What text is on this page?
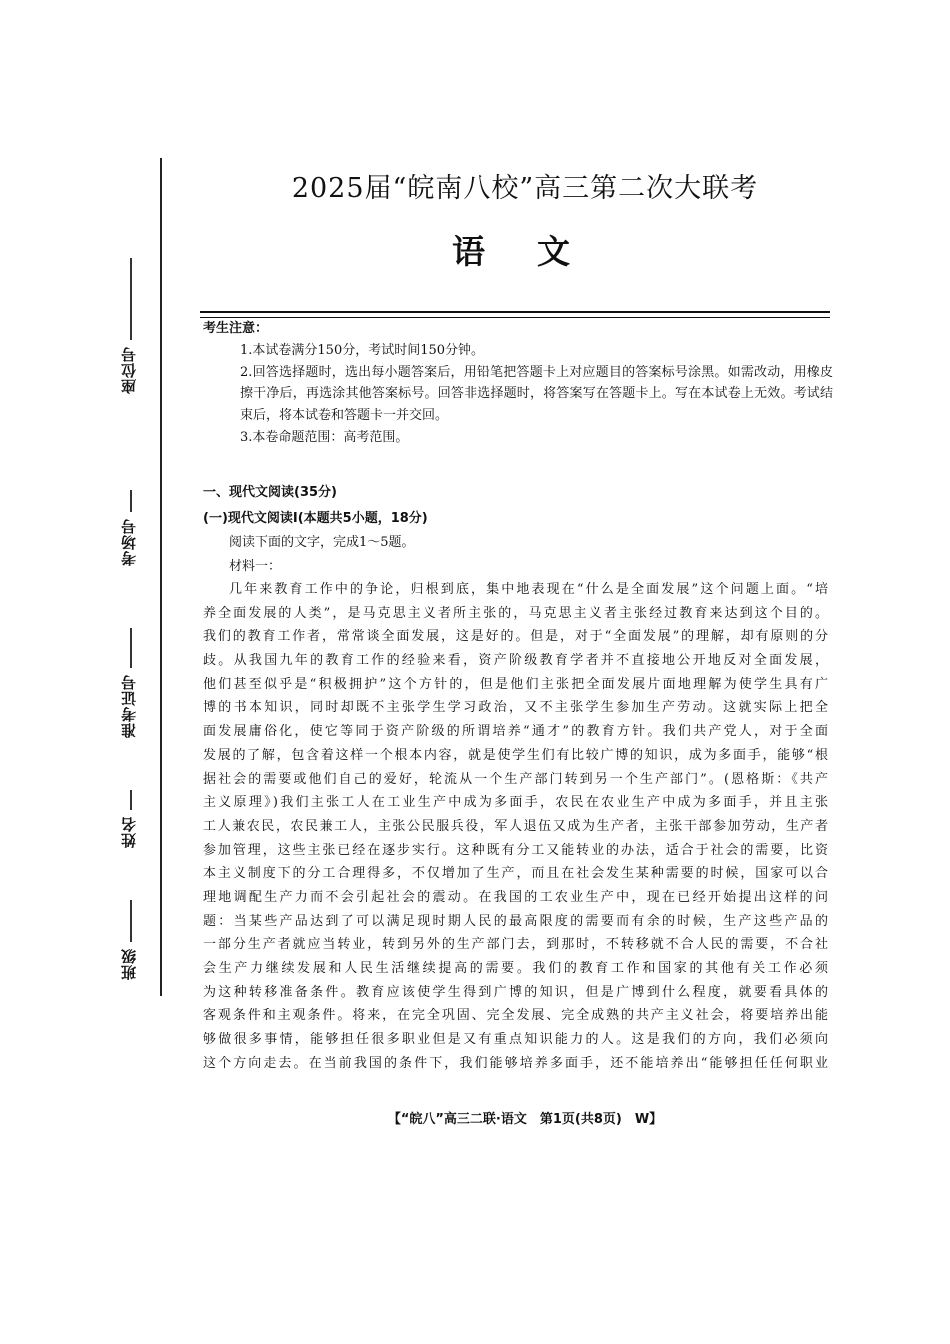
座位号
考场号
准考证号
姓名
班级
2025届“皖南八校”高三第二次大联考
语文
考生注意：
1.本试卷满分150分，考试时间150分钟。
2.回答选择题时，选出每小题答案后，用铅笔把答题卡上对应题目的答案标号涂黑。如需改动，用橡皮擦干净后，再选涂其他答案标号。回答非选择题时，将答案写在答题卡上。写在本试卷上无效。考试结束后，将本试卷和答题卡一并交回。
3.本卷命题范围：高考范围。
一、现代文阅读(35分)
(一)现代文阅读Ⅰ(本题共5小题，18分)
阅读下面的文字，完成1～5题。
材料一：
几年来教育工作中的争论，归根到底，集中地表现在“什么是全面发展”这个问题上面。“培
养全面发展的人类”，是马克思主义者所主张的，马克思主义者主张经过教育来达到这个目的。
我们的教育工作者，常常谈全面发展，这是好的。但是，对于“全面发展”的理解，却有原则的分
歧。从我国九年的教育工作的经验来看，资产阶级教育学者并不直接地公开地反对全面发展，
他们甚至似乎是“积极拥护”这个方针的，但是他们主张把全面发展片面地理解为使学生具有广
博的书本知识，同时却既不主张学生学习政治，又不主张学生参加生产劳动。这就实际上把全
面发展庸俗化，使它等同于资产阶级的所谓培养“通才”的教育方针。我们共产党人，对于全面
发展的了解，包含着这样一个根本内容，就是使学生们有比较广博的知识，成为多面手，能够“根
据社会的需要或他们自己的爱好，轮流从一个生产部门转到另一个生产部门”。(恩格斯：《共产
主义原理》)我们主张工人在工业生产中成为多面手，农民在农业生产中成为多面手，并且主张
工人兼农民，农民兼工人，主张公民服兵役，军人退伍又成为生产者，主张干部参加劳动，生产者
参加管理，这些主张已经在逐步实行。这种既有分工又能转业的办法，适合于社会的需要，比资
本主义制度下的分工合理得多，不仅增加了生产，而且在社会发生某种需要的时候，国家可以合
理地调配生产力而不会引起社会的震动。在我国的工农业生产中，现在已经开始提出这样的问
题：当某些产品达到了可以满足现时期人民的最高限度的需要而有余的时候，生产这些产品的
一部分生产者就应当转业，转到另外的生产部门去，到那时，不转移就不合人民的需要，不合社
会生产力继续发展和人民生活继续提高的需要。我们的教育工作和国家的其他有关工作必须
为这种转移准备条件。教育应该使学生得到广博的知识，但是广博到什么程度，就要看具体的
客观条件和主观条件。将来，在完全巩固、完全发展、完全成熟的共产主义社会，将要培养出能
够做很多事情，能够担任很多职业但是又有重点知识能力的人。这是我们的方向，我们必须向
这个方向走去。在当前我国的条件下，我们能够培养多面手，还不能培养出“能够担任任何职业
【“皖八”高三二联·语文　第1页(共8页)　W】
